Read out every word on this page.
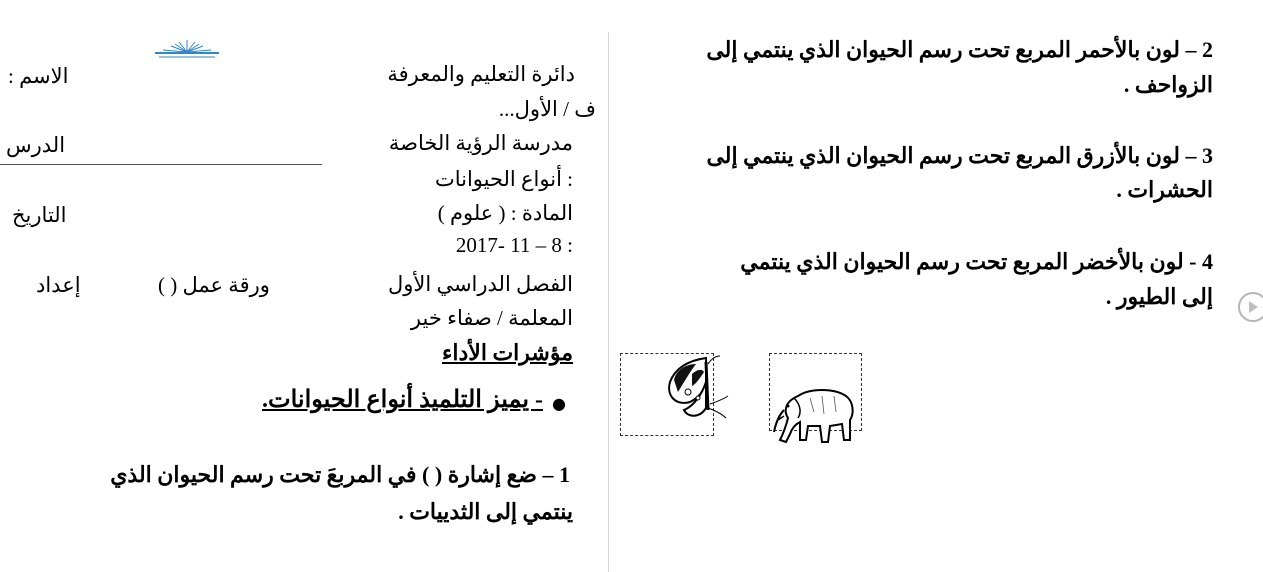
دائرة التعليم والمعرفة
الاسم :
ف / الأول...
مدرسة الرؤية الخاصة
الدرس
: أنواع الحيوانات
المادة : ( علوم )
التاريخ
: 8 – 11 -2017
الفصل الدراسي الأول
ورقة عمل ( )
إعداد
المعلمة / صفاء خير
مؤشرات الأداء
●
- يميز التلميذ أنواع الحيوانات.
1 – ضع إشارة ( ) في المربعَ تحت رسم الحيوان الذي
ينتمي إلى الثدييات .
2 – لون بالأحمر المربع تحت رسم الحيوان الذي ينتمي إلى
الزواحف .
3 – لون بالأزرق المربع تحت رسم الحيوان الذي ينتمي إلى
الحشرات .
4 - لون بالأخضر المربع تحت رسم الحيوان الذي ينتمي
إلى الطيور .
